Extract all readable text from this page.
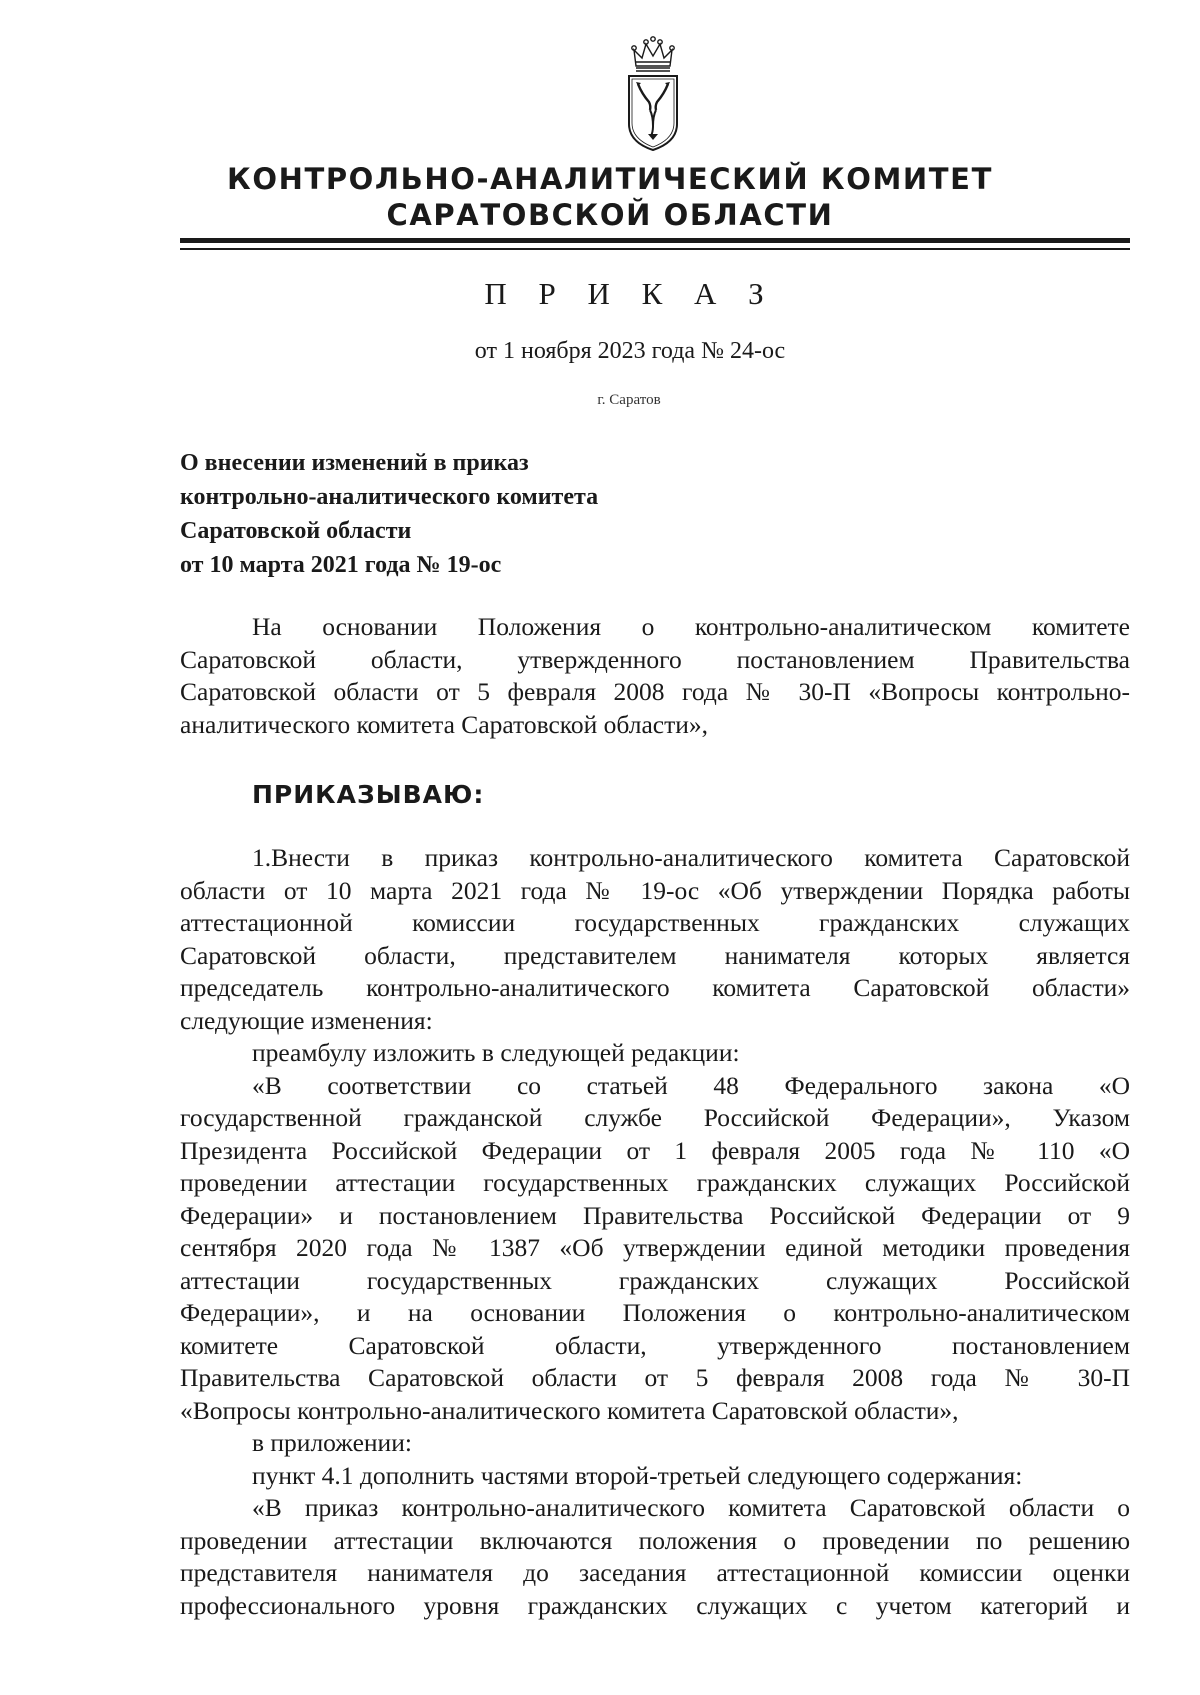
КОНТРОЛЬНО-АНАЛИТИЧЕСКИЙ КОМИТЕТ
САРАТОВСКОЙ ОБЛАСТИ
П Р И К А З
от 1 ноября 2023 года № 24-ос
г. Саратов
О внесении изменений в приказ
контрольно-аналитического комитета
Саратовской области
от 10 марта 2021 года № 19-ос
На основании Положения о контрольно-аналитическом комитете
Саратовской области, утвержденного постановлением Правительства
Саратовской области от 5 февраля 2008 года № 30-П «Вопросы контрольно-
аналитического комитета Саратовской области»,
ПРИКАЗЫВАЮ:
1.Внести в приказ контрольно-аналитического комитета Саратовской
области от 10 марта 2021 года № 19-ос «Об утверждении Порядка работы
аттестационной комиссии государственных гражданских служащих
Саратовской области, представителем нанимателя которых является
председатель контрольно-аналитического комитета Саратовской области»
следующие изменения:
преамбулу изложить в следующей редакции:
«В соответствии со статьей 48 Федерального закона «О
государственной гражданской службе Российской Федерации», Указом
Президента Российской Федерации от 1 февраля 2005 года № 110 «О
проведении аттестации государственных гражданских служащих Российской
Федерации» и постановлением Правительства Российской Федерации от 9
сентября 2020 года № 1387 «Об утверждении единой методики проведения
аттестации государственных гражданских служащих Российской
Федерации», и на основании Положения о контрольно-аналитическом
комитете Саратовской области, утвержденного постановлением
Правительства Саратовской области от 5 февраля 2008 года № 30-П
«Вопросы контрольно-аналитического комитета Саратовской области»,
в приложении:
пункт 4.1 дополнить частями второй-третьей следующего содержания:
«В приказ контрольно-аналитического комитета Саратовской области о
проведении аттестации включаются положения о проведении по решению
представителя нанимателя до заседания аттестационной комиссии оценки
профессионального уровня гражданских служащих с учетом категорий и
